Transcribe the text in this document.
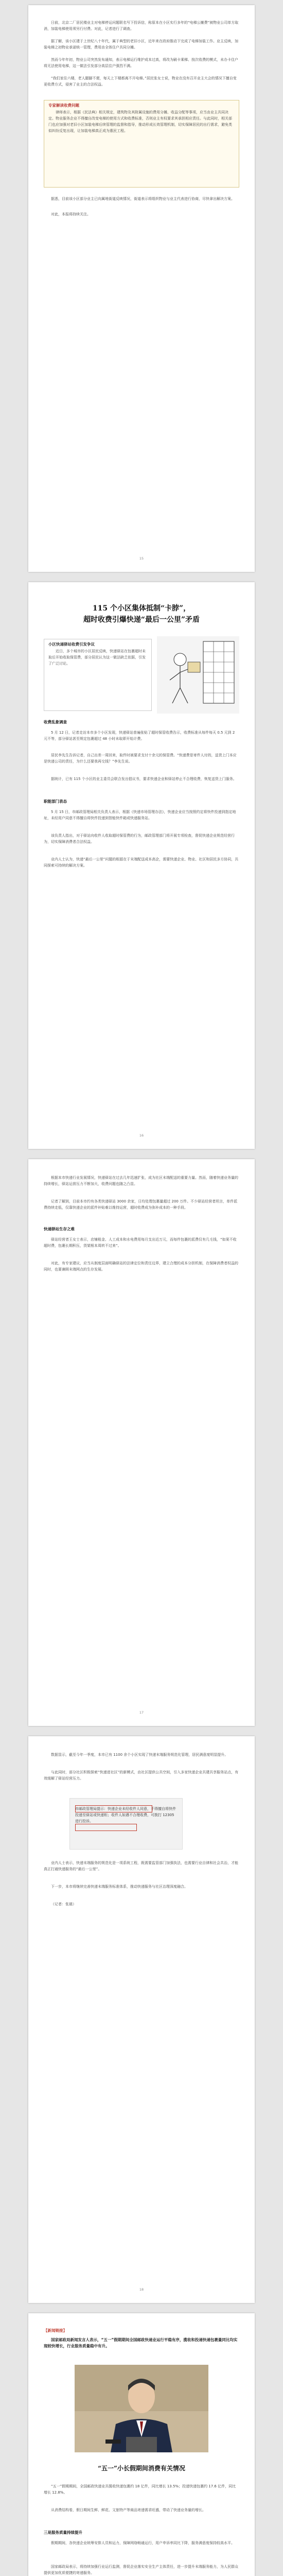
日前，北京二厂居民楼业主对电梯停运问题联名写下投诉信，称原本在小区实行多年的“电梯公摊费”被物业公司单方取消，加装电梯使用须另行付费。对此，记者进行了调查。
据了解，该小区建于上世纪八十年代，属于典型的老旧小区，近年来在政府推动下完成了电梯加装工作。业主反映，加装电梯之初物业承诺统一管理，费用由全体住户共同分摊。
然而今年年初，物业公司突然发布通知，表示电梯运行维护成本过高，将改为刷卡乘梯、按次收费的模式，未办卡住户将无法使用电梯，这一做法引发部分高层住户强烈不满。
“我们家住六楼，老人腿脚不便，每天上下楼都离不开电梯。”居民张女士说，物业在没有召开业主大会的情况下擅自变更收费方式，侵害了业主的合法权益。
专家解读收费问题
律师表示，根据《民法典》相关规定，建筑物及其附属设施的费用分摊、收益分配等事项，应当由业主共同决定。物业服务企业不得擅自改变电梯的使用方式和收费标准，否则业主有权要求其承担相应责任。与此同时，相关部门也应加强对老旧小区加装电梯后续管理的监督和指导，推动形成长效管理机制，切实保障居民的出行需求，避免类似纠纷反复出现，让加装电梯真正成为惠民工程。
据悉，目前该小区部分业主已向属地街道反映情况，街道表示将组织物业与业主代表进行协商，尽快拿出解决方案。
对此，本报将持续关注。
15
115 个小区集体抵制“卡脖”，
超时收费引爆快递“最后一公里”矛盾
小区快递驿站收费引发争议
近日，多个城市的小区居民反映，快递驿站在包裹超时未取后开始收取保管费，部分居民认为这一做法缺乏依据，引发了广泛讨论。
收费乱象调查
5 月 12 日，记者走访本市多个小区发现，快递驿站普遍张贴了超时保管收费告示，收费标准从每件每天 0.5 元到 2 元不等，部分驿站甚至规定包裹超过 48 小时未取即开始计费。
居民李先生告诉记者，自己出差一周回来，取件时被要求支付十余元的保管费。“快递费是寄件人付的，送货上门本应是快递公司的责任，为什么还要我再交钱？”李先生说。
据统计，已有 115 个小区的业主委员会联合发出倡议书，要求快递企业和驿站停止不合理收费，恢复送货上门服务。
职能部门表态
5 月 15 日，市邮政管理局相关负责人表示，根据《快递市场管理办法》，快递企业应当按照约定将快件投递到指定地址，未经用户同意不得擅自将快件投递到智能快件箱或快递服务站。
该负责人指出，对于驿站向收件人收取超时保管费的行为，邮政管理部门将开展专项检查，督促快递企业规范经营行为，切实保障消费者合法权益。
业内人士认为，快递“最后一公里”问题的根源在于末端配送成本高企，需要快递企业、物业、社区和居民多方协同，共同探索可持续的解决方案。
16
根据本市快递行业发展情况，快递驿站在过去几年迅速扩张，成为社区末端配送的重要力量。然而，随着快递业务量的持续增长，驿站运营压力不断加大，收费问题也随之凸显。
记者了解到，目前本市约有各类快递驿站 3000 余家，日均处理包裹量超过 200 万件。不少驿站经营者坦言，单件派费持续走低，仅靠快递企业的派件补贴难以维持运营，超时收费成为弥补成本的一种手段。
快递驿站生存之难
驿站经营者王女士表示，店铺租金、人工成本和水电费用每月支出近万元，而每件包裹的派费仅有几毛钱，“如果不收超时费，包裹长期积压，货架根本周转不过来”。
对此，有专家建议，应当从制度层面明确驿站的法律定位和责任边界，建立合理的成本分担机制，在保障消费者权益的同时，也要兼顾末端网点的生存发展。
17
数据显示，截至今年一季度，本市已有 1100 余个小区实现了快递末端服务规范化管理，居民满意度明显提升。
与此同时，部分社区积极探索“快递进社区”的新模式，由社区提供公共空间，引入多家快递企业共建共享服务站点，有效缓解了驿站经营压力。
市邮政管理局提示：快递企业未经收件人同意，不得擅自将快件投递至驿站或快递柜；收件人如遇不合理收费，可拨打 12305 进行投诉。
业内人士表示，快递末端服务的规范化是一项系统工程，既需要监管部门加强执法，也需要行业自律和社会共治，才能真正打通快递服务的“最后一公里”。
下一步，本市将继续完善快递末端服务标准体系，推动快递服务与社区治理深度融合。
（记者：张晨）
18
【新闻链接】
国家邮政局新闻发言人表示，“五一”假期期间全国邮政快递业运行平稳有序，揽收和投递快递包裹量同比均实现较快增长，行业服务质量稳中有升。
“五一”小长假期间消费有关情况
“五一”假期期间，全国邮政快递业共揽收快递包裹约 18 亿件，同比增长 13.5%；投递快递包裹约 17.6 亿件，同比增长 12.8%。
从消费结构看，假日期间生鲜、鲜花、文旅特产等商品寄递需求旺盛，带动了快递业务量的增长。
三是服务质量持续提升
假期期间，各快递企业统筹安排人员和运力，保障网络畅通运行，用户申诉率同比下降，服务满意度保持较高水平。
国家邮政局表示，将持续加强行业运行监测，督促企业落实安全生产主体责任，进一步提升末端服务能力，为人民群众提供更加优质便捷的寄递服务。
